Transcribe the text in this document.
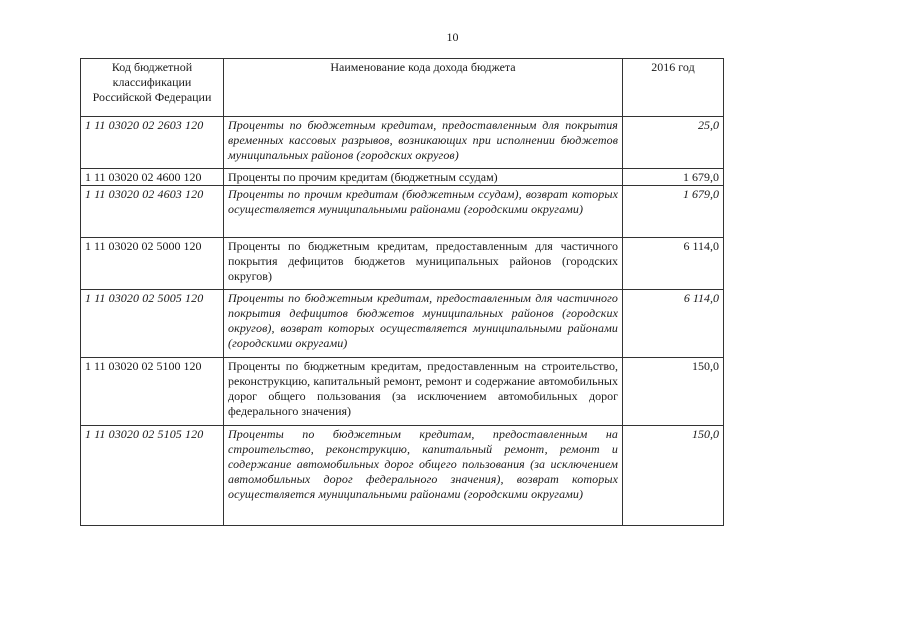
10
Код бюджетной классификации Российской Федерации	Наименование кода дохода бюджета	2016 год
1 11 03020 02 2603 120	Проценты по бюджетным кредитам, предоставленным для покрытия временных кассовых разрывов, возникающих при исполнении бюджетов муниципальных районов (городских округов)	25,0
1 11 03020 02 4600 120	Проценты по прочим кредитам (бюджетным ссудам)	1 679,0
1 11 03020 02 4603 120	Проценты по прочим кредитам (бюджетным ссудам), возврат которых осуществляется муниципальными районами (городскими округами)	1 679,0
1 11 03020 02 5000 120	Проценты по бюджетным кредитам, предоставленным для частичного покрытия дефицитов бюджетов муниципальных районов (городских округов)	6 114,0
1 11 03020 02 5005 120	Проценты по бюджетным кредитам, предоставленным для частичного покрытия дефицитов бюджетов муниципальных районов (городских округов), возврат которых осуществляется муниципальными районами (городскими округами)	6 114,0
1 11 03020 02 5100 120	Проценты по бюджетным кредитам, предоставленным на строительство, реконструкцию, капитальный ремонт, ремонт и содержание автомобильных дорог общего пользования (за исключением автомобильных дорог федерального значения)	150,0
1 11 03020 02 5105 120	Проценты по бюджетным кредитам, предоставленным на строительство, реконструкцию, капитальный ремонт, ремонт и содержание автомобильных дорог общего пользования (за исключением автомобильных дорог федерального значения), возврат которых осуществляется муниципальными районами (городскими округами)	150,0
